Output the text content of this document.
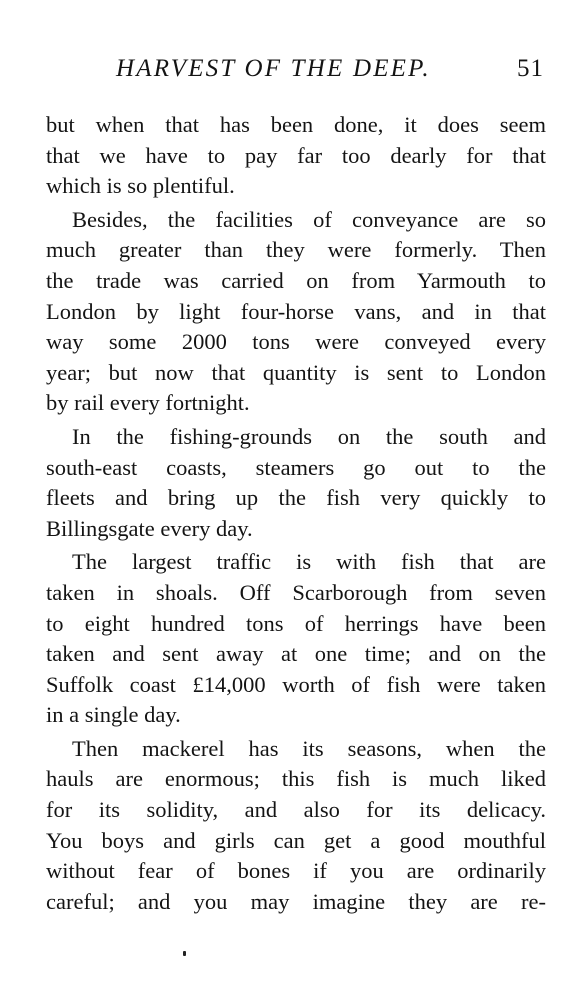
HARVEST OF THE DEEP.	51
but when that has been done, it does seem
that we have to pay far too dearly for that
which is so plentiful.
Besides, the facilities of conveyance are so
much greater than they were formerly. Then
the trade was carried on from Yarmouth to
London by light four-horse vans, and in that
way some 2000 tons were conveyed every
year; but now that quantity is sent to London
by rail every fortnight.
In the fishing-grounds on the south and
south-east coasts, steamers go out to the
fleets and bring up the fish very quickly to
Billingsgate every day.
The largest traffic is with fish that are
taken in shoals. Off Scarborough from seven
to eight hundred tons of herrings have been
taken and sent away at one time; and on the
Suffolk coast £14,000 worth of fish were taken
in a single day.
Then mackerel has its seasons, when the
hauls are enormous; this fish is much liked
for its solidity, and also for its delicacy.
You boys and girls can get a good mouthful
without fear of bones if you are ordinarily
careful; and you may imagine they are re-
